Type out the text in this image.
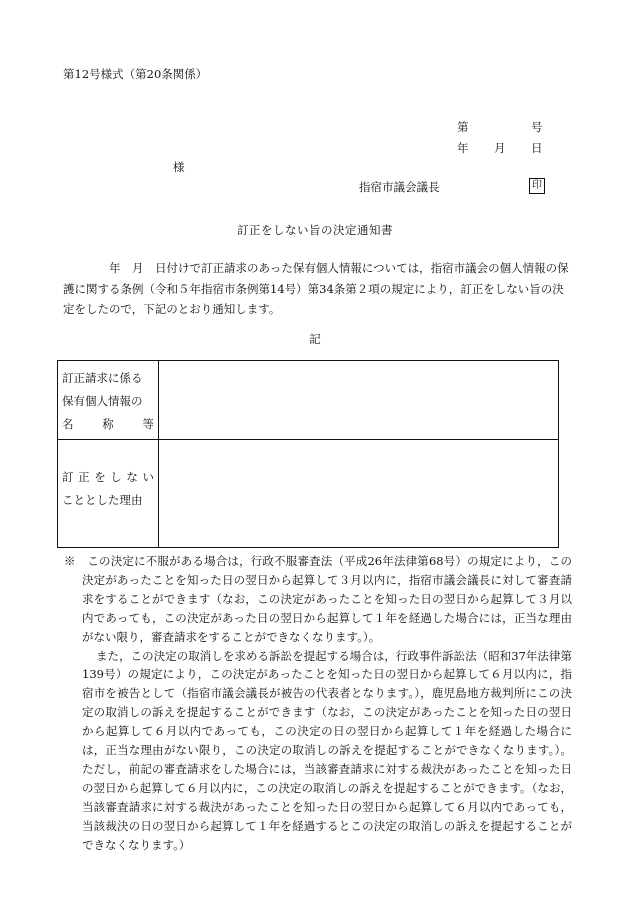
第12号様式（第20条関係）
第	号
年 月 日
様
指宿市議会議長	印
訂正をしない旨の決定通知書

　　　　年　月　日付けで訂正請求のあった保有個人情報については，指宿市議会の個人情報の保護に関する条例（令和５年指宿市条例第14号）第34条第２項の規定により，訂正をしない旨の決定をしたので，下記のとおり通知します。

記
訂正請求に係る
保有個人情報の
名	称	等
訂 正 を し な い
こととした理由

※　この決定に不服がある場合は，行政不服審査法（平成26年法律第68号）の規定により，この決定があったことを知った日の翌日から起算して３月以内に，指宿市議会議長に対して審査請求をすることができます（なお，この決定があったことを知った日の翌日から起算して３月以内であっても，この決定があった日の翌日から起算して１年を経過した場合には，正当な理由がない限り，審査請求をすることができなくなります。）。

また，この決定の取消しを求める訴訟を提起する場合は，行政事件訴訟法（昭和37年法律第139号）の規定により，この決定があったことを知った日の翌日から起算して６月以内に，指宿市を被告として（指宿市議会議長が被告の代表者となります。），鹿児島地方裁判所にこの決定の取消しの訴えを提起することができます（なお，この決定があったことを知った日の翌日から起算して６月以内であっても，この決定の日の翌日から起算して１年を経過した場合には，正当な理由がない限り，この決定の取消しの訴えを提起することができなくなります。）。ただし，前記の審査請求をした場合には，当該審査請求に対する裁決があったことを知った日の翌日から起算して６月以内に，この決定の取消しの訴えを提起することができます。（なお，当該審査請求に対する裁決があったことを知った日の翌日から起算して６月以内であっても，当該裁決の日の翌日から起算して１年を経過するとこの決定の取消しの訴えを提起することができなくなります。）
